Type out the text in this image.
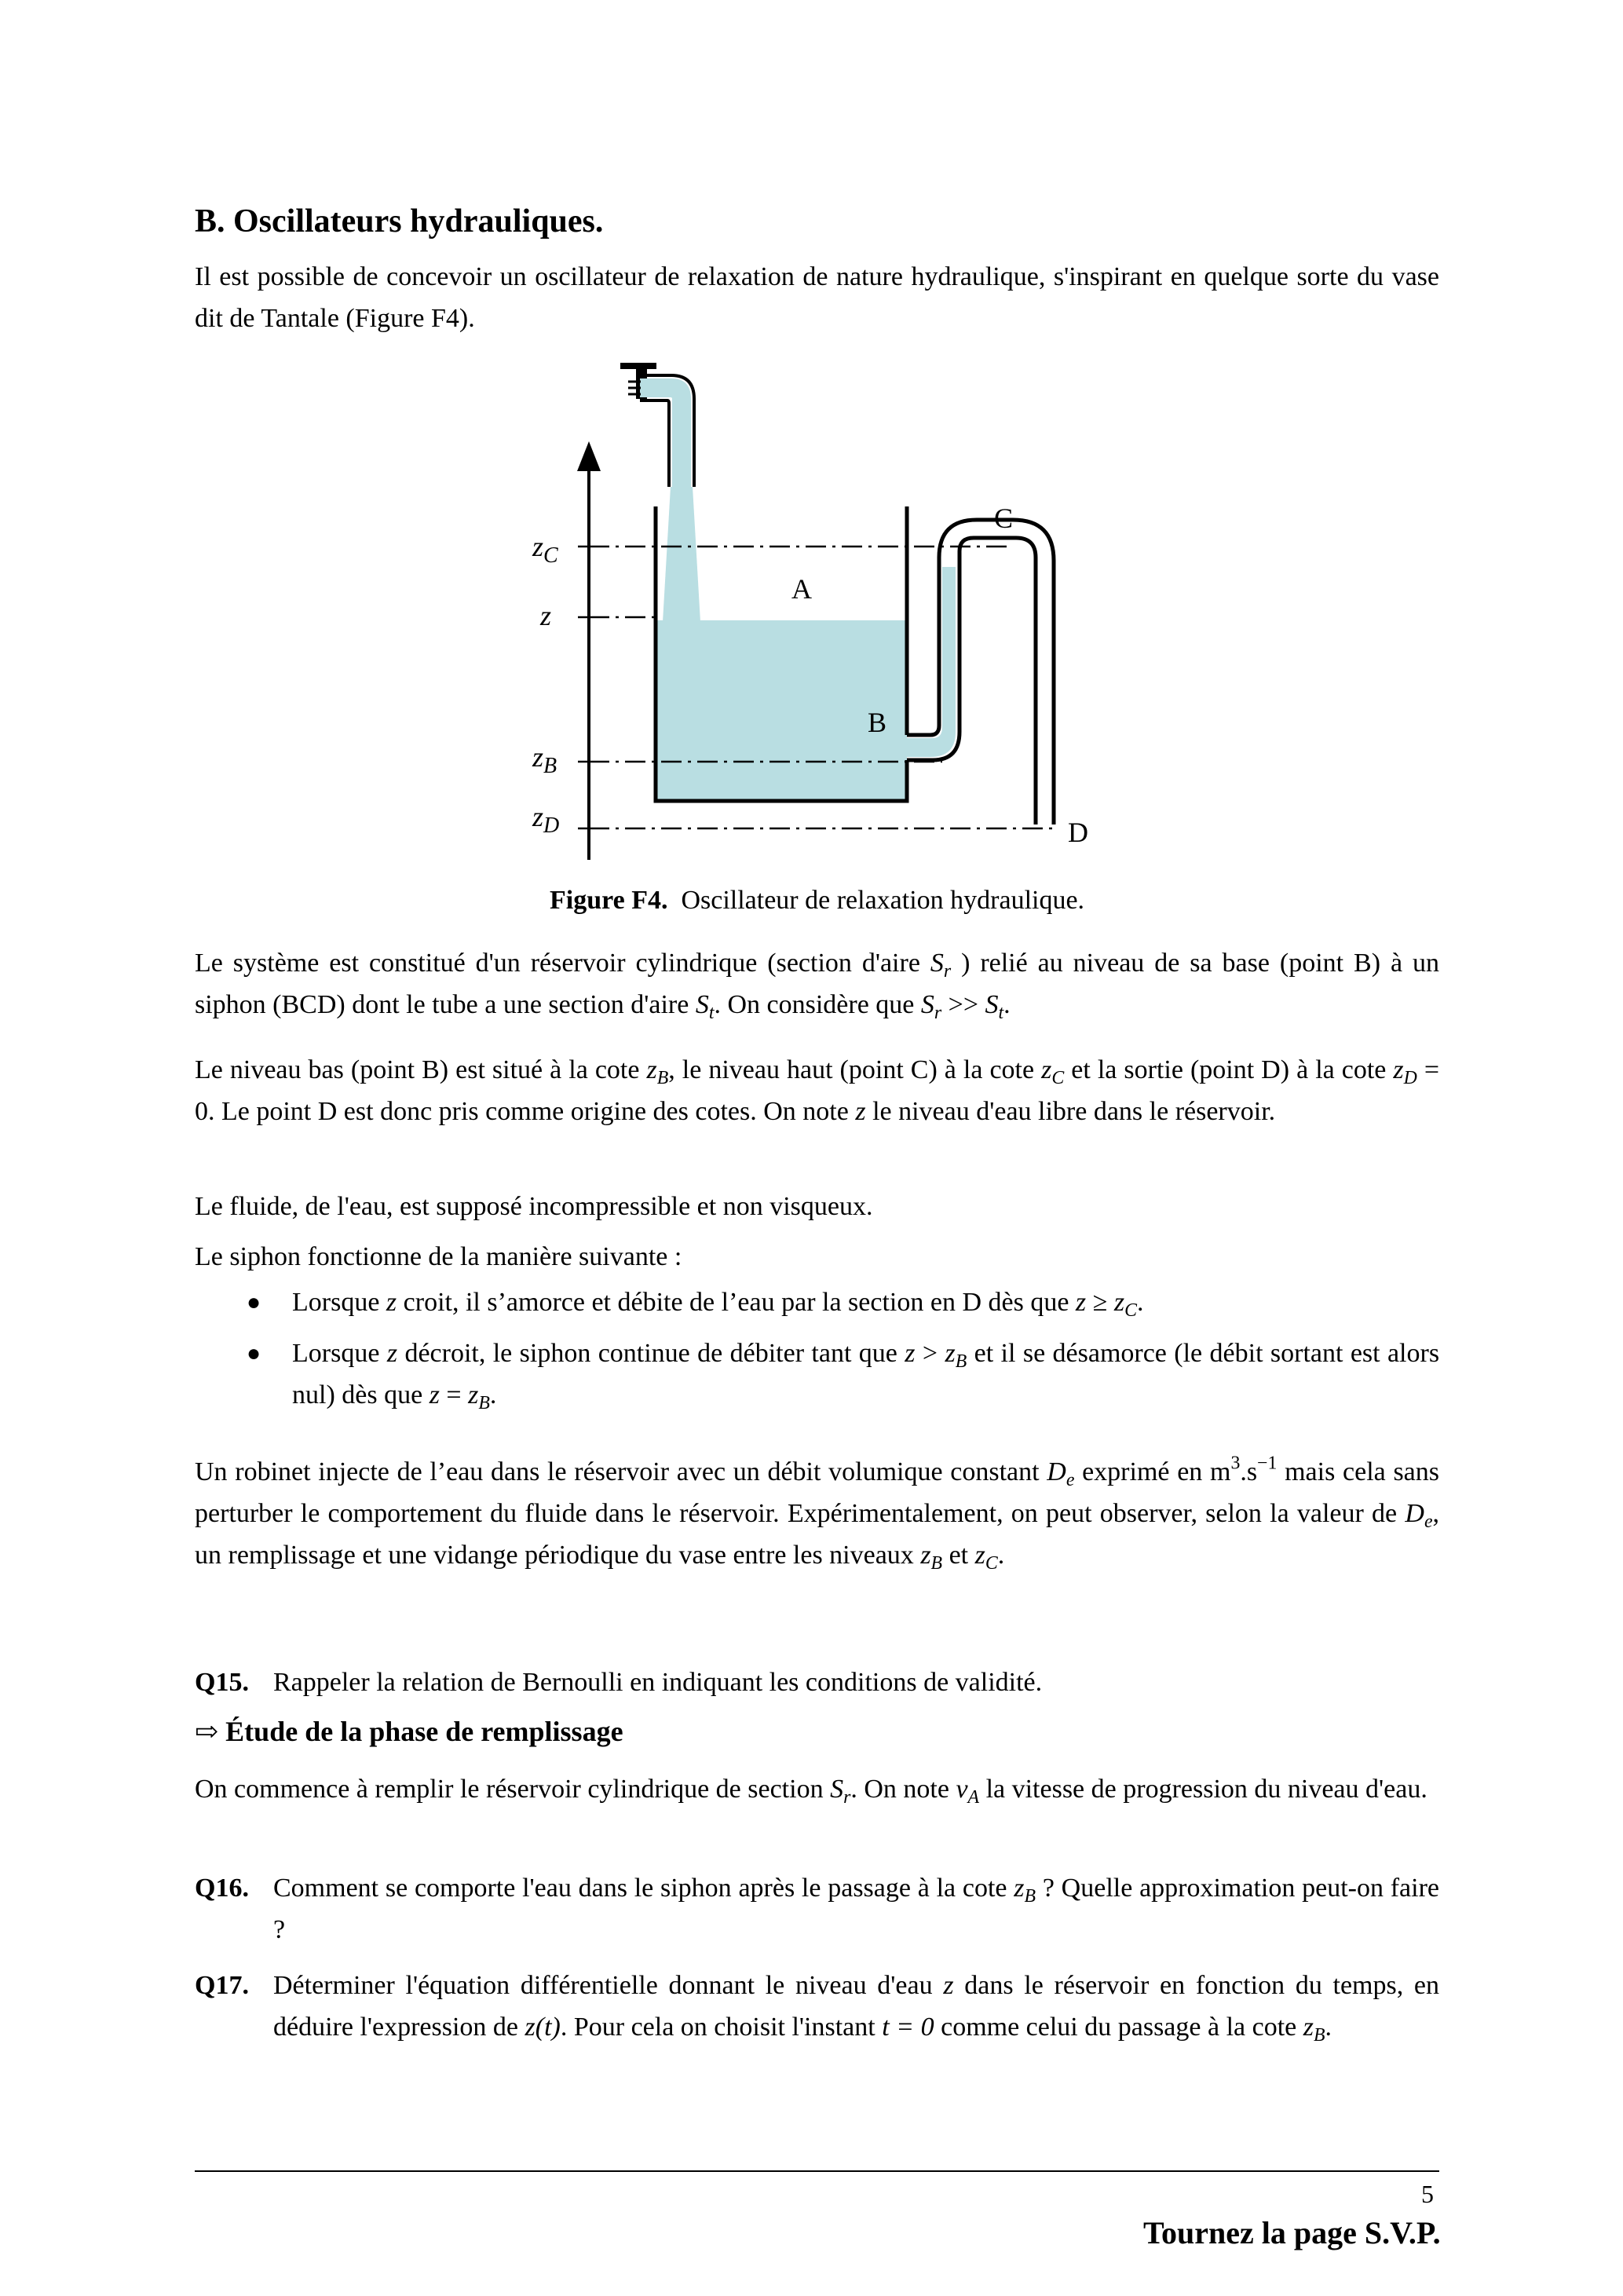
B. Oscillateurs hydrauliques.
Il est possible de concevoir un oscillateur de relaxation de nature hydraulique, s'inspirant en quelque sorte du vase dit de Tantale (Figure F4).
$z_C$
z
$z_B$
$z_D$
A
B
C
D
Figure F4. Oscillateur de relaxation hydraulique.
Le système est constitué d'un réservoir cylindrique (section d'aire $S_r$ ) relié au niveau de sa base (point B) à un siphon (BCD) dont le tube a une section d'aire $S_t$. On considère que $S_r >> S_t$.
Le niveau bas (point B) est situé à la cote $z_B$, le niveau haut (point C) à la cote $z_C$ et la sortie (point D) à la cote $z_D = 0$. Le point D est donc pris comme origine des cotes. On note z le niveau d'eau libre dans le réservoir.
Le fluide, de l'eau, est supposé incompressible et non visqueux.
Le siphon fonctionne de la manière suivante :
● Lorsque z croit, il s’amorce et débite de l’eau par la section en D dès que $z \ge z_C$.
● Lorsque z décroit, le siphon continue de débiter tant que $z > z_B$ et il se désamorce (le débit sortant est alors nul) dès que $z = z_B$.
Un robinet injecte de l’eau dans le réservoir avec un débit volumique constant $D_e$ exprimé en $m^3.s^{-1}$ mais cela sans perturber le comportement du fluide dans le réservoir. Expérimentalement, on peut observer, selon la valeur de $D_e$, un remplissage et une vidange périodique du vase entre les niveaux $z_B$ et $z_C$.
Q15. Rappeler la relation de Bernoulli en indiquant les conditions de validité.
⇨ Étude de la phase de remplissage
On commence à remplir le réservoir cylindrique de section $S_r$. On note $v_A$ la vitesse de progression du niveau d'eau.
Q16. Comment se comporte l'eau dans le siphon après le passage à la cote $z_B$ ? Quelle approximation peut-on faire ?
Q17. Déterminer l'équation différentielle donnant le niveau d'eau z dans le réservoir en fonction du temps, en déduire l'expression de z(t). Pour cela on choisit l'instant t = 0 comme celui du passage à la cote $z_B$.
5
Tournez la page S.V.P.
